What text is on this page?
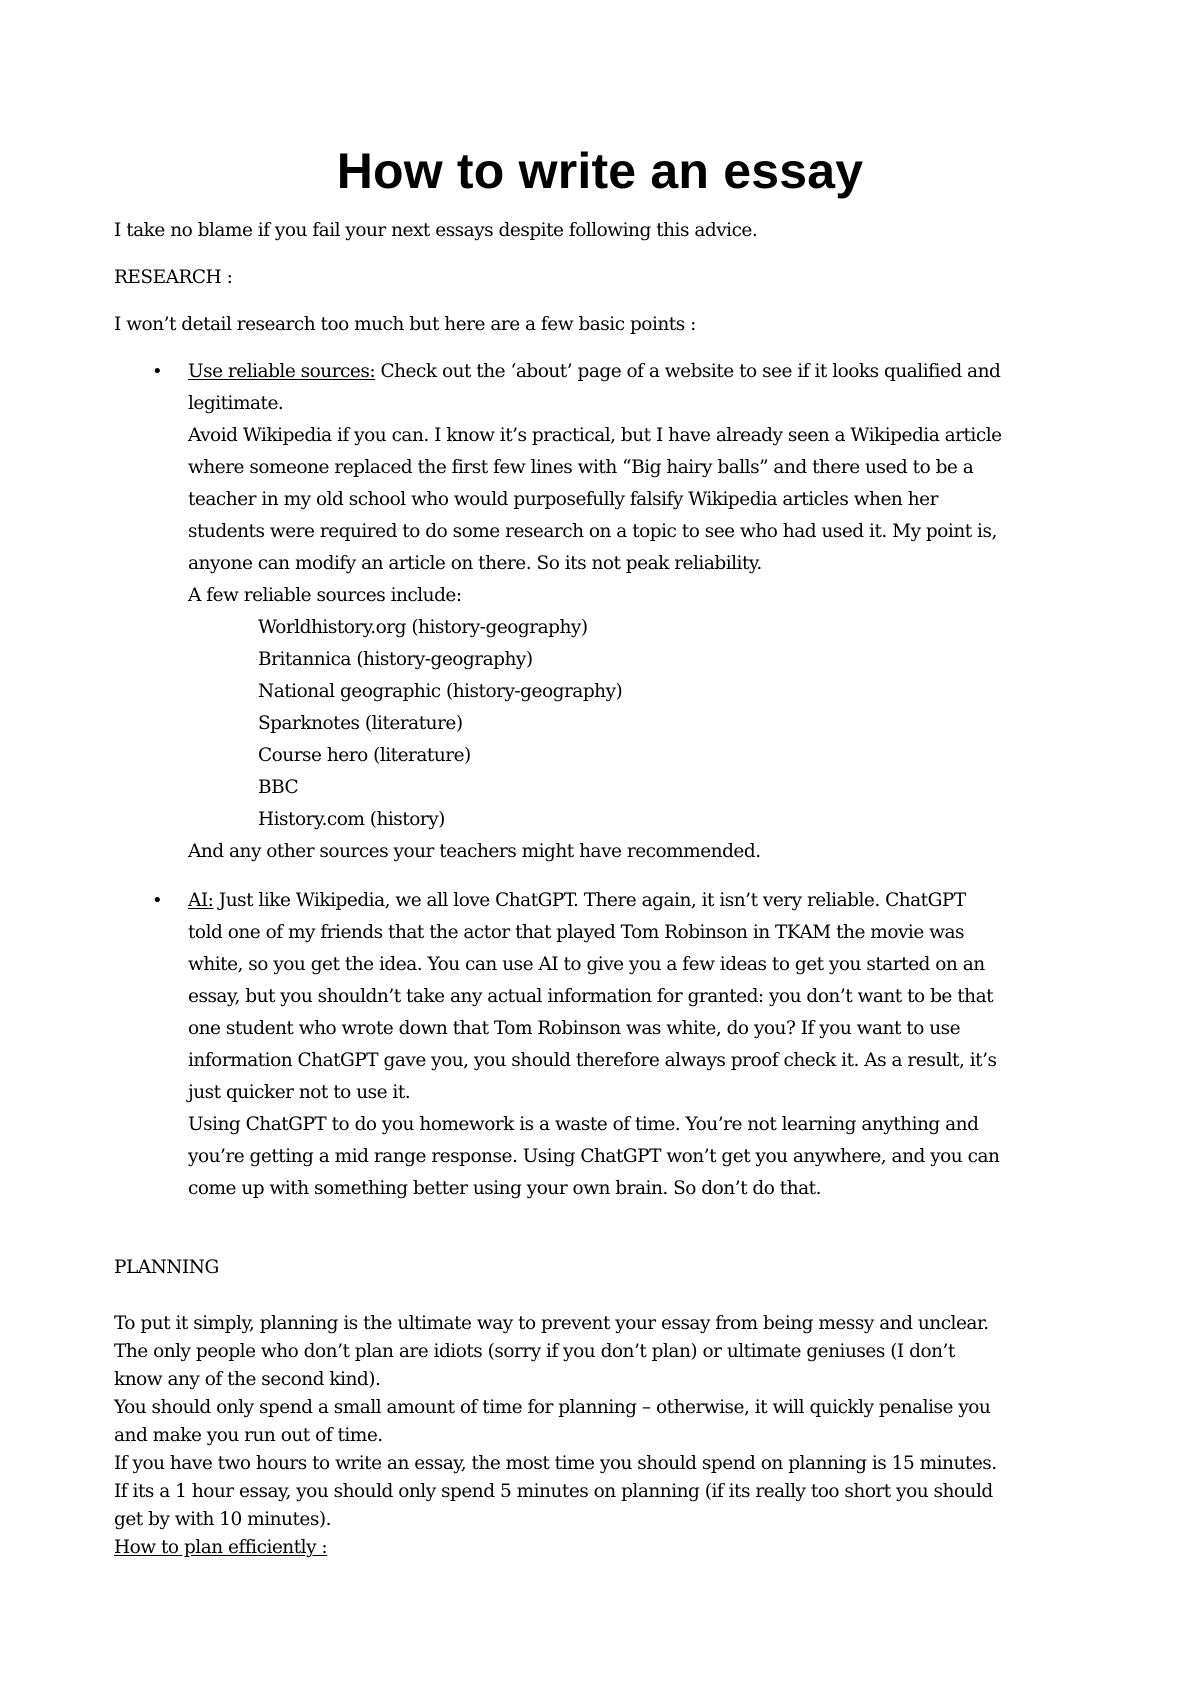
How to write an essay
I take no blame if you fail your next essays despite following this advice.
RESEARCH :
I won’t detail research too much but here are a few basic points :
• Use reliable sources: Check out the ‘about’ page of a website to see if it looks qualified and
legitimate.
Avoid Wikipedia if you can. I know it’s practical, but I have already seen a Wikipedia article
where someone replaced the first few lines with “Big hairy balls” and there used to be a
teacher in my old school who would purposefully falsify Wikipedia articles when her
students were required to do some research on a topic to see who had used it. My point is,
anyone can modify an article on there. So its not peak reliability.
A few reliable sources include:
Worldhistory.org (history-geography)
Britannica (history-geography)
National geographic (history-geography)
Sparknotes (literature)
Course hero (literature)
BBC
History.com (history)
And any other sources your teachers might have recommended.
• AI: Just like Wikipedia, we all love ChatGPT. There again, it isn’t very reliable. ChatGPT
told one of my friends that the actor that played Tom Robinson in TKAM the movie was
white, so you get the idea. You can use AI to give you a few ideas to get you started on an
essay, but you shouldn’t take any actual information for granted: you don’t want to be that
one student who wrote down that Tom Robinson was white, do you? If you want to use
information ChatGPT gave you, you should therefore always proof check it. As a result, it’s
just quicker not to use it.
Using ChatGPT to do you homework is a waste of time. You’re not learning anything and
you’re getting a mid range response. Using ChatGPT won’t get you anywhere, and you can
come up with something better using your own brain. So don’t do that.
PLANNING
To put it simply, planning is the ultimate way to prevent your essay from being messy and unclear.
The only people who don’t plan are idiots (sorry if you don’t plan) or ultimate geniuses (I don’t
know any of the second kind).
You should only spend a small amount of time for planning – otherwise, it will quickly penalise you
and make you run out of time.
If you have two hours to write an essay, the most time you should spend on planning is 15 minutes.
If its a 1 hour essay, you should only spend 5 minutes on planning (if its really too short you should
get by with 10 minutes).
How to plan efficiently :
